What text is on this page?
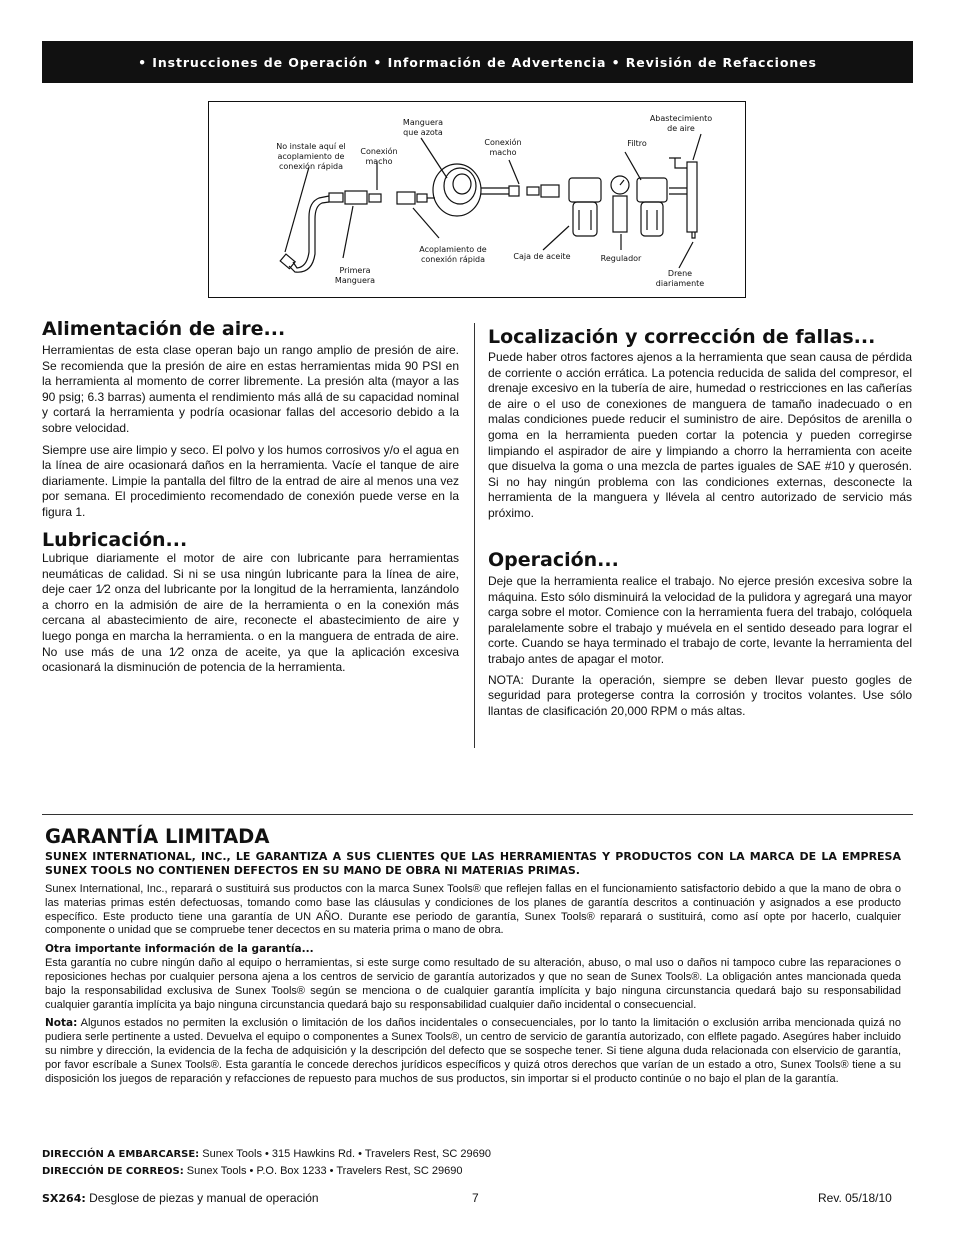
• Instrucciones de Operación • Información de Advertencia • Revisión de Refacciones
No instale aquí el
acoplamiento de
conexión rápida
Conexión
macho
Manguera
que azota
Conexión
macho
Filtro
Abastecimiento
de aire
Primera
Manguera
Acoplamiento de
conexión rápida	Caja de aceite	Regulador
Drene
diariamente
Alimentación de aire...

Herramientas de esta clase operan bajo un rango amplio de presión de aire. Se recomienda que la presión de aire en estas herramientas mida 90 PSI en la herramienta al momento de correr libremente. La presión alta (mayor a las 90 psig; 6.3 barras) aumenta el rendimiento más allá de su capacidad nominal y cortará la herramienta y podría ocasionar fallas del accesorio debido a la sobre velocidad.

Siempre use aire limpio y seco. El polvo y los humos corrosivos y/o el agua en la línea de aire ocasionará daños en la herramienta. Vacíe el tanque de aire diariamente. Limpie la pantalla del filtro de la entrad de aire al menos una vez por semana. El procedimiento recomendado de conexión puede verse en la figura 1.

Lubricación...

Lubrique diariamente el motor de aire con lubricante para herramientas neumáticas de calidad. Si ni se usa ningún lubricante para la línea de aire, deje caer 1⁄2 onza del lubricante por la longitud de la herramienta, lanzándolo a chorro en la admisión de aire de la herramienta o en la conexión más cercana al abastecimiento de aire, reconecte el abastecimiento de aire y luego ponga en marcha la herramienta. o en la manguera de entrada de aire. No use más de una 1⁄2 onza de aceite, ya que la aplicación excesiva ocasionará la disminución de potencia de la herramienta.

Localización y corrección de fallas...

Puede haber otros factores ajenos a la herramienta que sean causa de pérdida de corriente o acción errática. La potencia reducida de salida del compresor, el drenaje excesivo en la tubería de aire, humedad o restricciones en las cañerías de aire o el uso de conexiones de manguera de tamaño inadecuado o en malas condiciones puede reducir el suministro de aire. Depósitos de arenilla o goma en la herramienta pueden cortar la potencia y pueden corregirse limpiando el aspirador de aire y limpiando a chorro la herramienta con aceite que disuelva la goma o una mezcla de partes iguales de SAE #10 y querosén. Si no hay ningún problema con las condiciones externas, desconecte la herramienta de la manguera y llévela al centro autorizado de servicio más próximo.

Operación...

Deje que la herramienta realice el trabajo. No ejerce presión excesiva sobre la máquina. Esto sólo disminuirá la velocidad de la pulidora y agregará una mayor carga sobre el motor. Comience con la herramienta fuera del trabajo, colóquela paralelamente sobre el trabajo y muévela en el sentido deseado para lograr el corte. Cuando se haya terminado el trabajo de corte, levante la herramienta del trabajo antes de apagar el motor.

NOTA: Durante la operación, siempre se deben llevar puesto gogles de seguridad para protegerse contra la corrosión y trocitos volantes. Use sólo llantas de clasificación 20,000 RPM o más altas.

GARANTÍA LIMITADA
SUNEX INTERNATIONAL, INC., LE GARANTIZA A SUS CLIENTES QUE LAS HERRAMIENTAS Y PRODUCTOS CON LA MARCA DE LA EMPRESA SUNEX TOOLS NO CONTIENEN DEFECTOS EN SU MANO DE OBRA NI MATERIAS PRIMAS.

Sunex International, Inc., reparará o sustituirá sus productos con la marca Sunex Tools® que reflejen fallas en el funcionamiento satisfactorio debido a que la mano de obra o las materias primas estén defectuosas, tomando como base las cláusulas y condiciones de los planes de garantía descritos a continuación y asignados a ese producto específico. Este producto tiene una garantía de UN AÑO. Durante ese periodo de garantía, Sunex Tools® reparará o sustituirá, como así opte por hacerlo, cualquier componente o unidad que se compruebe tener decectos en su materia prima o mano de obra.

Otra importante información de la garantía...

Esta garantía no cubre ningún daño al equipo o herramientas, si este surge como resultado de su alteración, abuso, o mal uso o daños ni tampoco cubre las reparaciones o reposiciones hechas por cualquier persona ajena a los centros de servicio de garantía autorizados y que no sean de Sunex Tools®. La obligación antes mancionada queda bajo la responsabilidad exclusiva de Sunex Tools® según se menciona o de cualquier garantía implícita y bajo ninguna circunstancia quedará bajo su responsabilidad cualquier garantía implícita ya bajo ninguna circunstancia quedará bajo su responsabilidad cualquier daño incidental o consecuencial.

Nota: Algunos estados no permiten la exclusión o limitación de los daños incidentales o consecuenciales, por lo tanto la limitación o exclusión arriba mencionada quizá no pudiera serle pertinente a usted. Devuelva el equipo o componentes a Sunex Tools®, un centro de servicio de garantía autorizado, con elflete pagado. Asegúres haber incluido su nimbre y dirección, la evidencia de la fecha de adquisición y la descripción del defecto que se sospeche tener. Si tiene alguna duda relacionada con elservicio de garantía, por favor escríbale a Sunex Tools®. Esta garantía le concede derechos jurídicos específicos y quizá otros derechos que varían de un estado a otro, Sunex Tools® tiene a su disposición los juegos de reparación y refacciones de repuesto para muchos de sus productos, sin importar si el producto continúe o no bajo el plan de la garantía.

DIRECCIÓN A EMBARCARSE: Sunex Tools • 315 Hawkins Rd. • Travelers Rest, SC 29690
DIRECCIÓN DE CORREOS: Sunex Tools • P.O. Box 1233 • Travelers Rest, SC 29690
SX264: Desglose de piezas y manual de operación	7	Rev. 05/18/10
